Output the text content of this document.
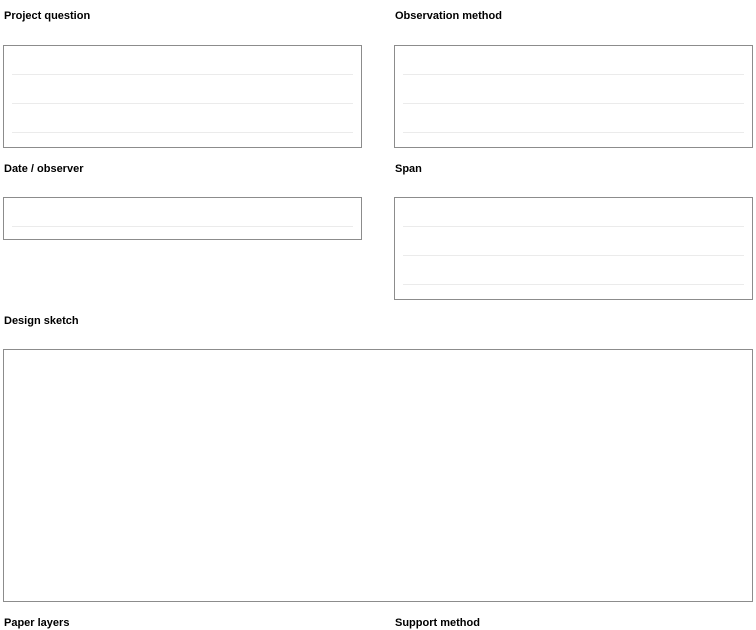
Project question	Observation method
Date / observer	Span
Design sketch
Paper layers	Support method
